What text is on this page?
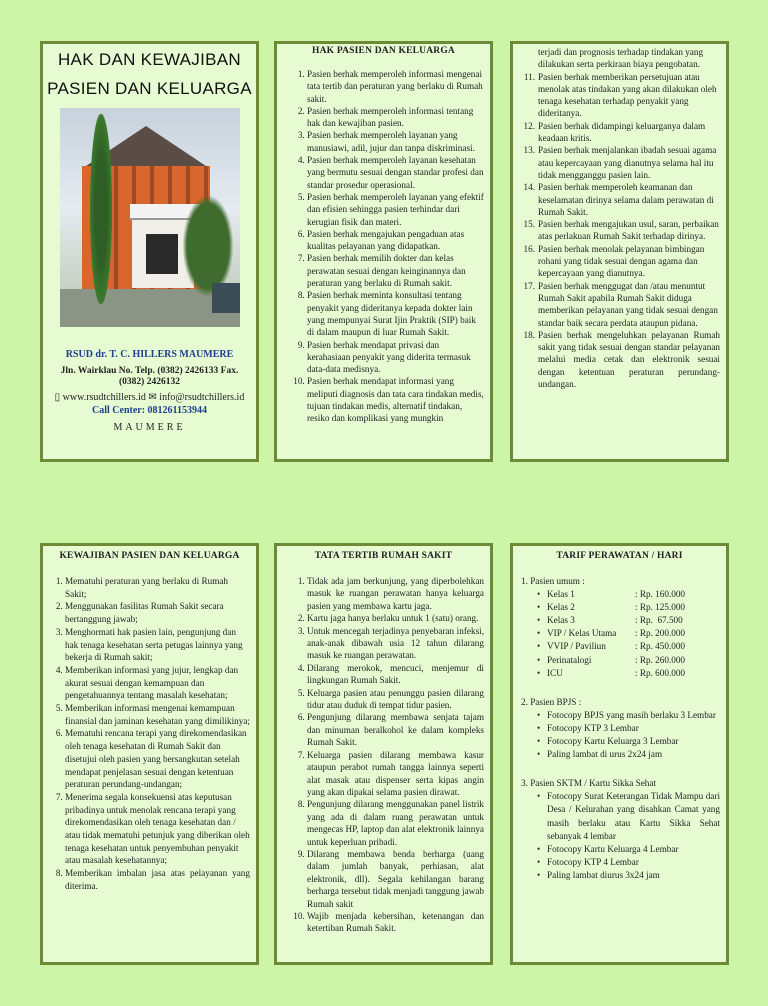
HAK DAN KEWAJIBAN
PASIEN DAN KELUARGA
RSUD dr. T. C. HILLERS MAUMERE
Jln. Wairklau No. Telp. (0382) 2426133 Fax. (0382) 2426132
▯ www.rsudtchillers.id ✉ info@rsudtchillers.id
Call Center: 081261153944
MAUMERE
HAK PASIEN DAN KELUARGA
1. Pasien berhak memperoleh informasi mengenai tata tertib dan peraturan yang berlaku di Rumah sakit.
2. Pasien berhak memperoleh informasi tentang hak dan kewajiban pasien.
3. Pasien berhak memperoleh layanan yang manusiawi, adil, jujur dan tanpa diskriminasi.
4. Pasien berhak memperoleh layanan kesehatan yang bermutu sesuai dengan standar profesi dan standar prosedur operasional.
5. Pasien berhak memperoleh layanan yang efektif dan efisien sehingga pasien terhindar dari kerugian fisik dan materi.
6. Pasien berhak mengajukan pengaduan atas kualitas pelayanan yang didapatkan.
7. Pasien berhak memilih dokter dan kelas perawatan sesuai dengan keinginannya dan peraturan yang berlaku di Rumah sakit.
8. Pasien berhak meminta konsultasi tentang penyakit yang dideritanya kepada dokter lain yang mempunyai Surat Ijin Praktik (SIP) baik di dalam maupun di luar Rumah Sakit.
9. Pasien berhak mendapat privasi dan kerahasiaan penyakit yang diderita termasuk data-data medisnya.
10. Pasien berhak mendapat informasi yang meliputi diagnosis dan tata cara tindakan medis, tujuan tindakan medis, alternatif tindakan, resiko dan komplikasi yang mungkin
terjadi dan prognosis terhadap tindakan yang dilakukan serta perkiraan biaya pengobatan.
11. Pasien berhak memberikan persetujuan atau menolak atas tindakan yang akan dilakukan oleh tenaga kesehatan terhadap penyakit yang dideritanya.
12. Pasien berhak didampingi keluarganya dalam keadaan kritis.
13. Pasien berhak menjalankan ibadah sesuai agama atau kepercayaan yang dianutnya selama hal itu tidak mengganggu pasien lain.
14. Pasien berhak memperoleh keamanan dan keselamatan dirinya selama dalam perawatan di Rumah Sakit.
15. Pasien berhak mengajukan usul, saran, perbaikan atas perlakuan Rumah Sakit terhadap dirinya.
16. Pasien berhak menolak pelayanan bimbingan rohani yang tidak sesuai dengan agama dan kepercayaan yang dianutnya.
17. Pasien berhak menggugat dan /atau menuntut Rumah Sakit apabila Rumah Sakit diduga memberikan pelayanan yang tidak sesuai dengan standar baik secara perdata ataupun pidana.
18. Pasien berhak mengeluhkan pelayanan Rumah sakit yang tidak sesuai dengan standar pelayanan melalui media cetak dan elektronik sesuai dengan ketentuan peraturan perundang-undangan.
KEWAJIBAN PASIEN DAN KELUARGA
1. Mematuhi peraturan yang berlaku di Rumah Sakit;
2. Menggunakan fasilitas Rumah Sakit secara bertanggung jawab;
3. Menghormati hak pasien lain, pengunjung dan hak tenaga kesehatan serta petugas lainnya yang bekerja di Rumah sakit;
4. Memberikan informasi yang jujur, lengkap dan akurat sesuai dengan kemampuan dan pengetahuannya tentang masalah kesehatan;
5. Memberikan informasi mengenai kemampuan finansial dan jaminan kesehatan yang dimilikinya;
6. Mematuhi rencana terapi yang direkomendasikan oleh tenaga kesehatan di Rumah Sakit dan disetujui oleh pasien yang bersangkutan setelah mendapat penjelasan sesuai dengan ketentuan peraturan perundang-undangan;
7. Menerima segala konsekuensi atas keputusan pribadinya untuk menolak rencana terapi yang direkomendasikan oleh tenaga kesehatan dan / atau tidak mematuhi petunjuk yang diberikan oleh tenaga kesehatan untuk penyembuhan penyakit atau masalah kesehatannya;
8. Memberikan imbalan jasa atas pelayanan yang diterima.
TATA TERTIB RUMAH SAKIT
1. Tidak ada jam berkunjung, yang diperbolehkan masuk ke ruangan perawatan hanya keluarga pasien yang membawa kartu jaga.
2. Kartu jaga hanya berlaku untuk 1 (satu) orang.
3. Untuk mencegah terjadinya penyebaran infeksi, anak-anak dibawah usia 12 tahun dilarang masuk ke ruangan perawatan.
4. Dilarang merokok, mencuci, menjemur di lingkungan Rumah Sakit.
5. Keluarga pasien atau penunggu pasien dilarang tidur atau duduk di tempat tidur pasien.
6. Pengunjung dilarang membawa senjata tajam dan minuman beralkohol ke dalam kompleks Rumah Sakit.
7. Keluarga pasien dilarang membawa kasur ataupun perabot rumah tangga lainnya seperti alat masak atau dispenser serta kipas angin yang akan dipakai selama pasien dirawat.
8. Pengunjung dilarang menggunakan panel listrik yang ada di dalam ruang perawatan untuk mengecas HP, laptop dan alat elektronik lainnya untuk keperluan pribadi.
9. Dilarang membawa benda berharga (uang dalam jumlah banyak, perhiasan, alat elektronik, dll). Segala kehilangan barang berharga tersebut tidak menjadi tanggung jawab Rumah sakit
10. Wajib menjada kebersihan, ketenangan dan ketertiban Rumah Sakit.
TARIF PERAWATAN / HARI
1. Pasien umum :
• Kelas 1	: Rp. 160.000
• Kelas 2	: Rp. 125.000
• Kelas 3	: Rp.  67.500
• VIP / Kelas Utama	: Rp. 200.000
• VVIP / Paviliun	: Rp. 450.000
• Perinatalogi	: Rp. 260.000
• ICU	: Rp. 600.000
2. Pasien BPJS :
• Fotocopy BPJS yang masih berlaku 3 Lembar
• Fotocopy KTP 3 Lembar
• Fotocopy Kartu Keluarga 3 Lembar
• Paling lambat di urus 2x24 jam
3. Pasien SKTM / Kartu Sikka Sehat
• Fotocopy Surat Keterangan Tidak Mampu dari Desa / Kelurahan yang disahkan Camat yang masih berlaku atau Kartu Sikka Sehat sebanyak 4 lembar
• Fotocopy Kartu Keluarga 4 Lembar
• Fotocopy KTP 4 Lembar
• Paling lambat diurus 3x24 jam
